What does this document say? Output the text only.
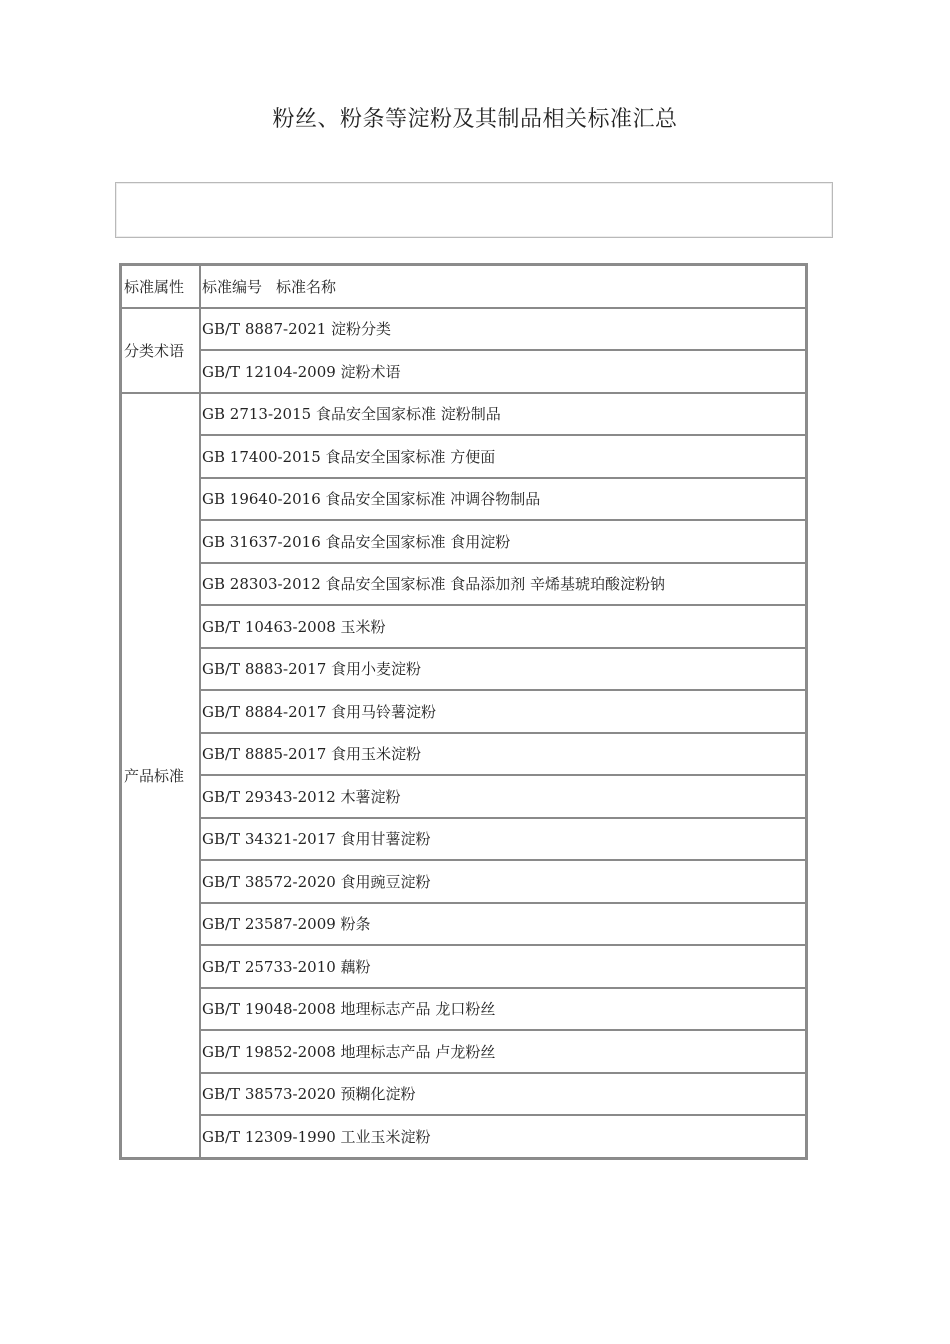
粉丝、粉条等淀粉及其制品相关标准汇总
标准属性	标准编号 标准名称
分类术语	GB/T 8887-2021 淀粉分类
	GB/T 12104-2009 淀粉术语
产品标准	GB 2713-2015 食品安全国家标准 淀粉制品
	GB 17400-2015 食品安全国家标准 方便面
	GB 19640-2016 食品安全国家标准 冲调谷物制品
	GB 31637-2016 食品安全国家标准 食用淀粉
	GB 28303-2012 食品安全国家标准 食品添加剂 辛烯基琥珀酸淀粉钠
	GB/T 10463-2008 玉米粉
	GB/T 8883-2017 食用小麦淀粉
	GB/T 8884-2017 食用马铃薯淀粉
	GB/T 8885-2017 食用玉米淀粉
	GB/T 29343-2012 木薯淀粉
	GB/T 34321-2017 食用甘薯淀粉
	GB/T 38572-2020 食用豌豆淀粉
	GB/T 23587-2009 粉条
	GB/T 25733-2010 藕粉
	GB/T 19048-2008 地理标志产品 龙口粉丝
	GB/T 19852-2008 地理标志产品 卢龙粉丝
	GB/T 38573-2020 预糊化淀粉
	GB/T 12309-1990 工业玉米淀粉
